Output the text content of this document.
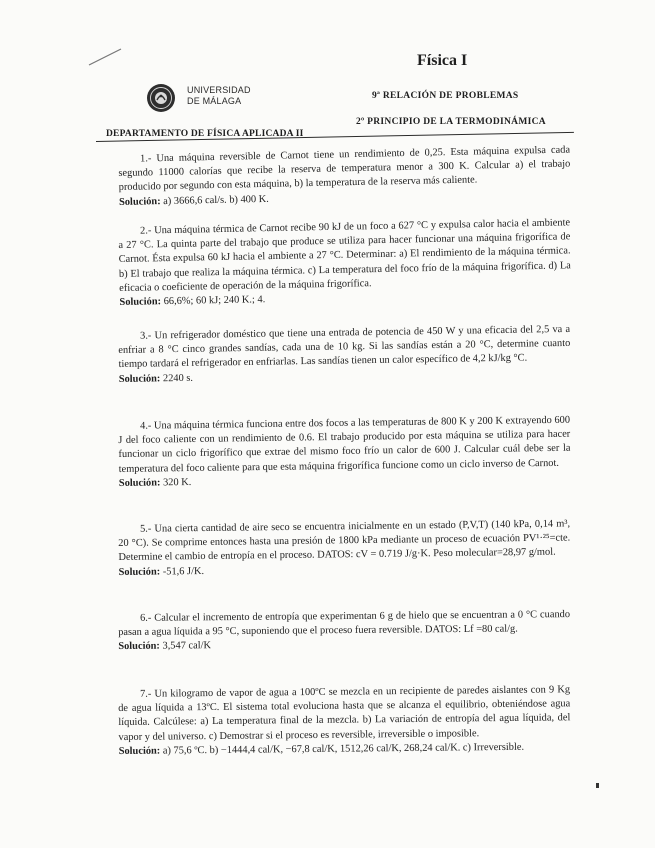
Física I
UNIVERSIDAD
DE MÁLAGA	9ª RELACIÓN DE PROBLEMAS
2º PRINCIPIO DE LA TERMODINÁMICA
DEPARTAMENTO DE FÍSICA APLICADA II

1.- Una máquina reversible de Carnot tiene un rendimiento de 0,25. Esta máquina expulsa cada segundo 11000 calorías que recibe la reserva de temperatura menor a 300 K. Calcular a) el trabajo producido por segundo con esta máquina, b) la temperatura de la reserva más caliente.

Solución: a) 3666,6 cal/s. b) 400 K.

2.- Una máquina térmica de Carnot recibe 90 kJ de un foco a 627 °C y expulsa calor hacia el ambiente a 27 °C. La quinta parte del trabajo que produce se utiliza para hacer funcionar una máquina frigorífica de Carnot. Ésta expulsa 60 kJ hacia el ambiente a 27 °C. Determinar: a) El rendimiento de la máquina térmica. b) El trabajo que realiza la máquina térmica. c) La temperatura del foco frío de la máquina frigorífica. d) La eficacia o coeficiente de operación de la máquina frigorífica.

Solución: 66,6%; 60 kJ; 240 K.; 4.

3.- Un refrigerador doméstico que tiene una entrada de potencia de 450 W y una eficacia del 2,5 va a enfriar a 8 °C cinco grandes sandías, cada una de 10 kg. Si las sandías están a 20 °C, determine cuanto tiempo tardará el refrigerador en enfriarlas. Las sandías tienen un calor específico de 4,2 kJ/kg °C.

Solución: 2240 s.

4.- Una máquina térmica funciona entre dos focos a las temperaturas de 800 K y 200 K extrayendo 600 J del foco caliente con un rendimiento de 0.6. El trabajo producido por esta máquina se utiliza para hacer funcionar un ciclo frigorífico que extrae del mismo foco frío un calor de 600 J. Calcular cuál debe ser la temperatura del foco caliente para que esta máquina frigorífica funcione como un ciclo inverso de Carnot.

Solución: 320 K.

5.- Una cierta cantidad de aire seco se encuentra inicialmente en un estado (P,V,T) (140 kPa, 0,14 m³, 20 °C). Se comprime entonces hasta una presión de 1800 kPa mediante un proceso de ecuación PV¹·²⁵=cte. Determine el cambio de entropía en el proceso. DATOS: cV = 0.719 J/g·K. Peso molecular=28,97 g/mol.

Solución: -51,6 J/K.

6.- Calcular el incremento de entropía que experimentan 6 g de hielo que se encuentran a 0 °C cuando pasan a agua líquida a 95 °C, suponiendo que el proceso fuera reversible. DATOS: Lf =80 cal/g.

Solución: 3,547 cal/K

7.- Un kilogramo de vapor de agua a 100ºC se mezcla en un recipiente de paredes aislantes con 9 Kg de agua líquida a 13ºC. El sistema total evoluciona hasta que se alcanza el equilibrio, obteniéndose agua líquida. Calcúlese: a) La temperatura final de la mezcla. b) La variación de entropía del agua líquida, del vapor y del universo. c) Demostrar si el proceso es reversible, irreversible o imposible.

Solución: a) 75,6 ºC. b) −1444,4 cal/K, −67,8 cal/K, 1512,26 cal/K, 268,24 cal/K. c) Irreversible.
